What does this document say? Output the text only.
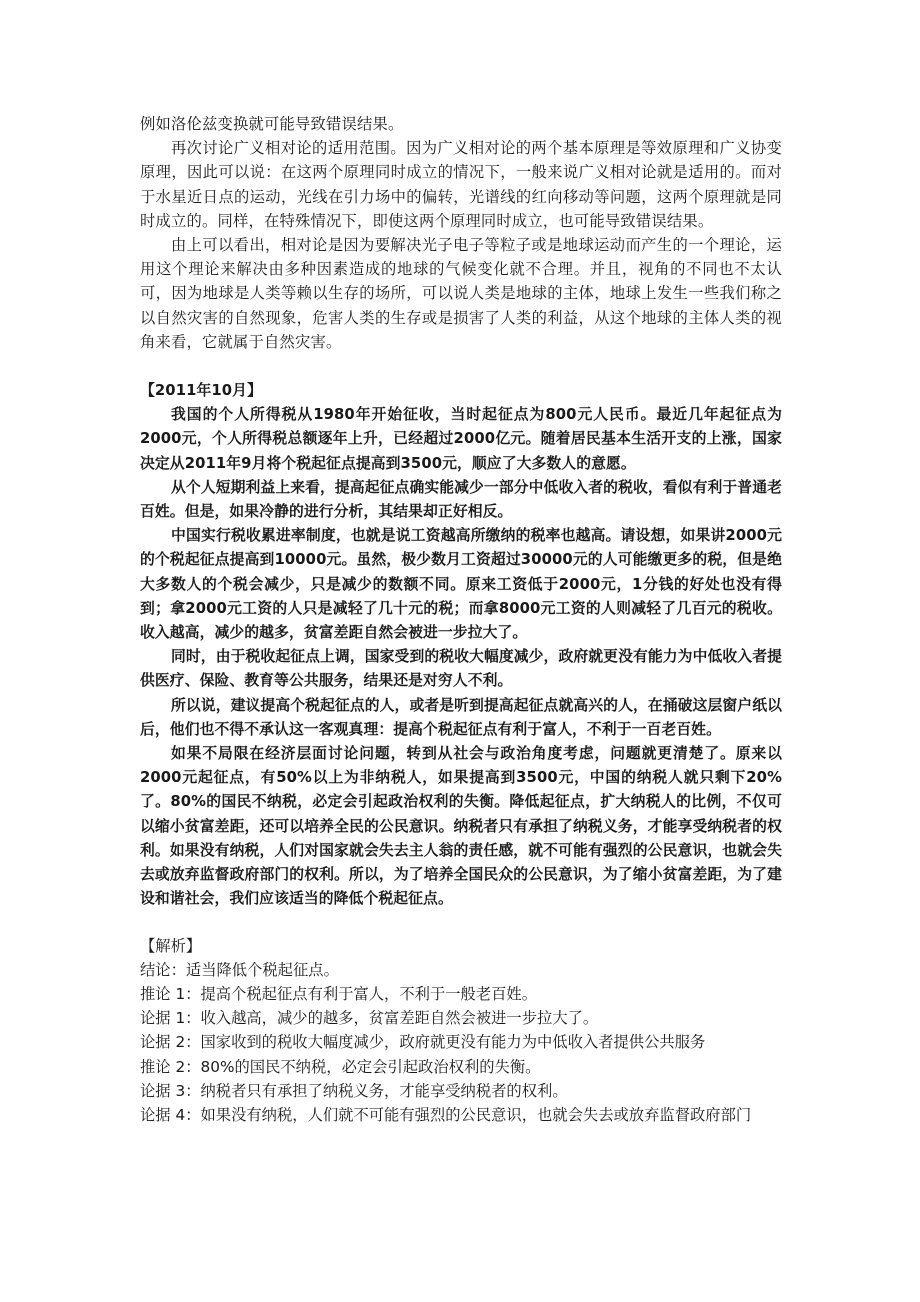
例如洛伦兹变换就可能导致错误结果。

再次讨论广义相对论的适用范围。因为广义相对论的两个基本原理是等效原理和广义协变原理，因此可以说：在这两个原理同时成立的情况下，一般来说广义相对论就是适用的。而对于水星近日点的运动，光线在引力场中的偏转，光谱线的红向移动等问题，这两个原理就是同时成立的。同样，在特殊情况下，即使这两个原理同时成立，也可能导致错误结果。

由上可以看出，相对论是因为要解决光子电子等粒子或是地球运动而产生的一个理论，运用这个理论来解决由多种因素造成的地球的气候变化就不合理。并且，视角的不同也不太认可，因为地球是人类等赖以生存的场所，可以说人类是地球的主体，地球上发生一些我们称之以自然灾害的自然现象，危害人类的生存或是损害了人类的利益，从这个地球的主体人类的视角来看，它就属于自然灾害。

【2011年10月】

我国的个人所得税从1980年开始征收，当时起征点为800元人民币。最近几年起征点为2000元，个人所得税总额逐年上升，已经超过2000亿元。随着居民基本生活开支的上涨，国家决定从2011年9月将个税起征点提高到3500元，顺应了大多数人的意愿。

从个人短期利益上来看，提高起征点确实能减少一部分中低收入者的税收，看似有利于普通老百姓。但是，如果冷静的进行分析，其结果却正好相反。

中国实行税收累进率制度，也就是说工资越高所缴纳的税率也越高。请设想，如果讲2000元的个税起征点提高到10000元。虽然，极少数月工资超过30000元的人可能缴更多的税，但是绝大多数人的个税会减少，只是减少的数额不同。原来工资低于2000元，1分钱的好处也没有得到；拿2000元工资的人只是减轻了几十元的税；而拿8000元工资的人则减轻了几百元的税收。收入越高，减少的越多，贫富差距自然会被进一步拉大了。

同时，由于税收起征点上调，国家受到的税收大幅度减少，政府就更没有能力为中低收入者提供医疗、保险、教育等公共服务，结果还是对穷人不利。

所以说，建议提高个税起征点的人，或者是听到提高起征点就高兴的人，在捅破这层窗户纸以后，他们也不得不承认这一客观真理：提高个税起征点有利于富人，不利于一百老百姓。

如果不局限在经济层面讨论问题，转到从社会与政治角度考虑，问题就更清楚了。原来以2000元起征点，有50%以上为非纳税人，如果提高到3500元，中国的纳税人就只剩下20%了。80%的国民不纳税，必定会引起政治权利的失衡。降低起征点，扩大纳税人的比例，不仅可以缩小贫富差距，还可以培养全民的公民意识。纳税者只有承担了纳税义务，才能享受纳税者的权利。如果没有纳税，人们对国家就会失去主人翁的责任感，就不可能有强烈的公民意识，也就会失去或放弃监督政府部门的权利。所以，为了培养全国民众的公民意识，为了缩小贫富差距，为了建设和谐社会，我们应该适当的降低个税起征点。

【解析】

结论：适当降低个税起征点。

推论 1：提高个税起征点有利于富人，不利于一般老百姓。

论据 1：收入越高，减少的越多，贫富差距自然会被进一步拉大了。

论据 2：国家收到的税收大幅度减少，政府就更没有能力为中低收入者提供公共服务

推论 2：80%的国民不纳税，必定会引起政治权利的失衡。

论据 3：纳税者只有承担了纳税义务，才能享受纳税者的权利。

论据 4：如果没有纳税，人们就不可能有强烈的公民意识，也就会失去或放弃监督政府部门
